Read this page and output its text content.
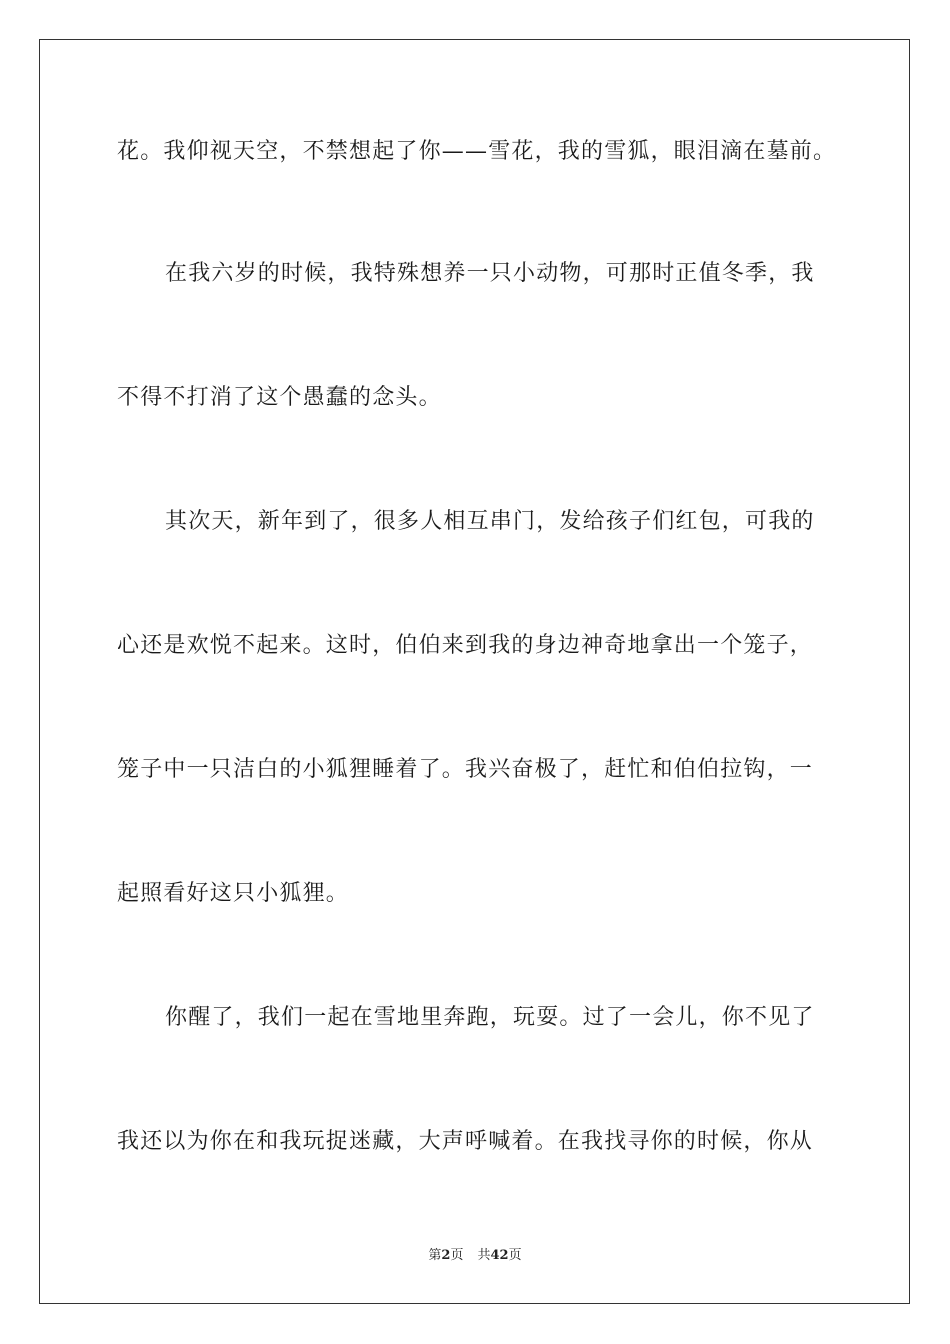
花。我仰视天空，不禁想起了你——雪花，我的雪狐，眼泪滴在墓前。
在我六岁的时候，我特殊想养一只小动物，可那时正值冬季，我
不得不打消了这个愚蠢的念头。
其次天，新年到了，很多人相互串门，发给孩子们红包，可我的
心还是欢悦不起来。这时，伯伯来到我的身边神奇地拿出一个笼子，
笼子中一只洁白的小狐狸睡着了。我兴奋极了，赶忙和伯伯拉钩，一
起照看好这只小狐狸。
你醒了，我们一起在雪地里奔跑，玩耍。过了一会儿，你不见了
我还以为你在和我玩捉迷藏，大声呼喊着。在我找寻你的时候，你从
第2页 共42页
